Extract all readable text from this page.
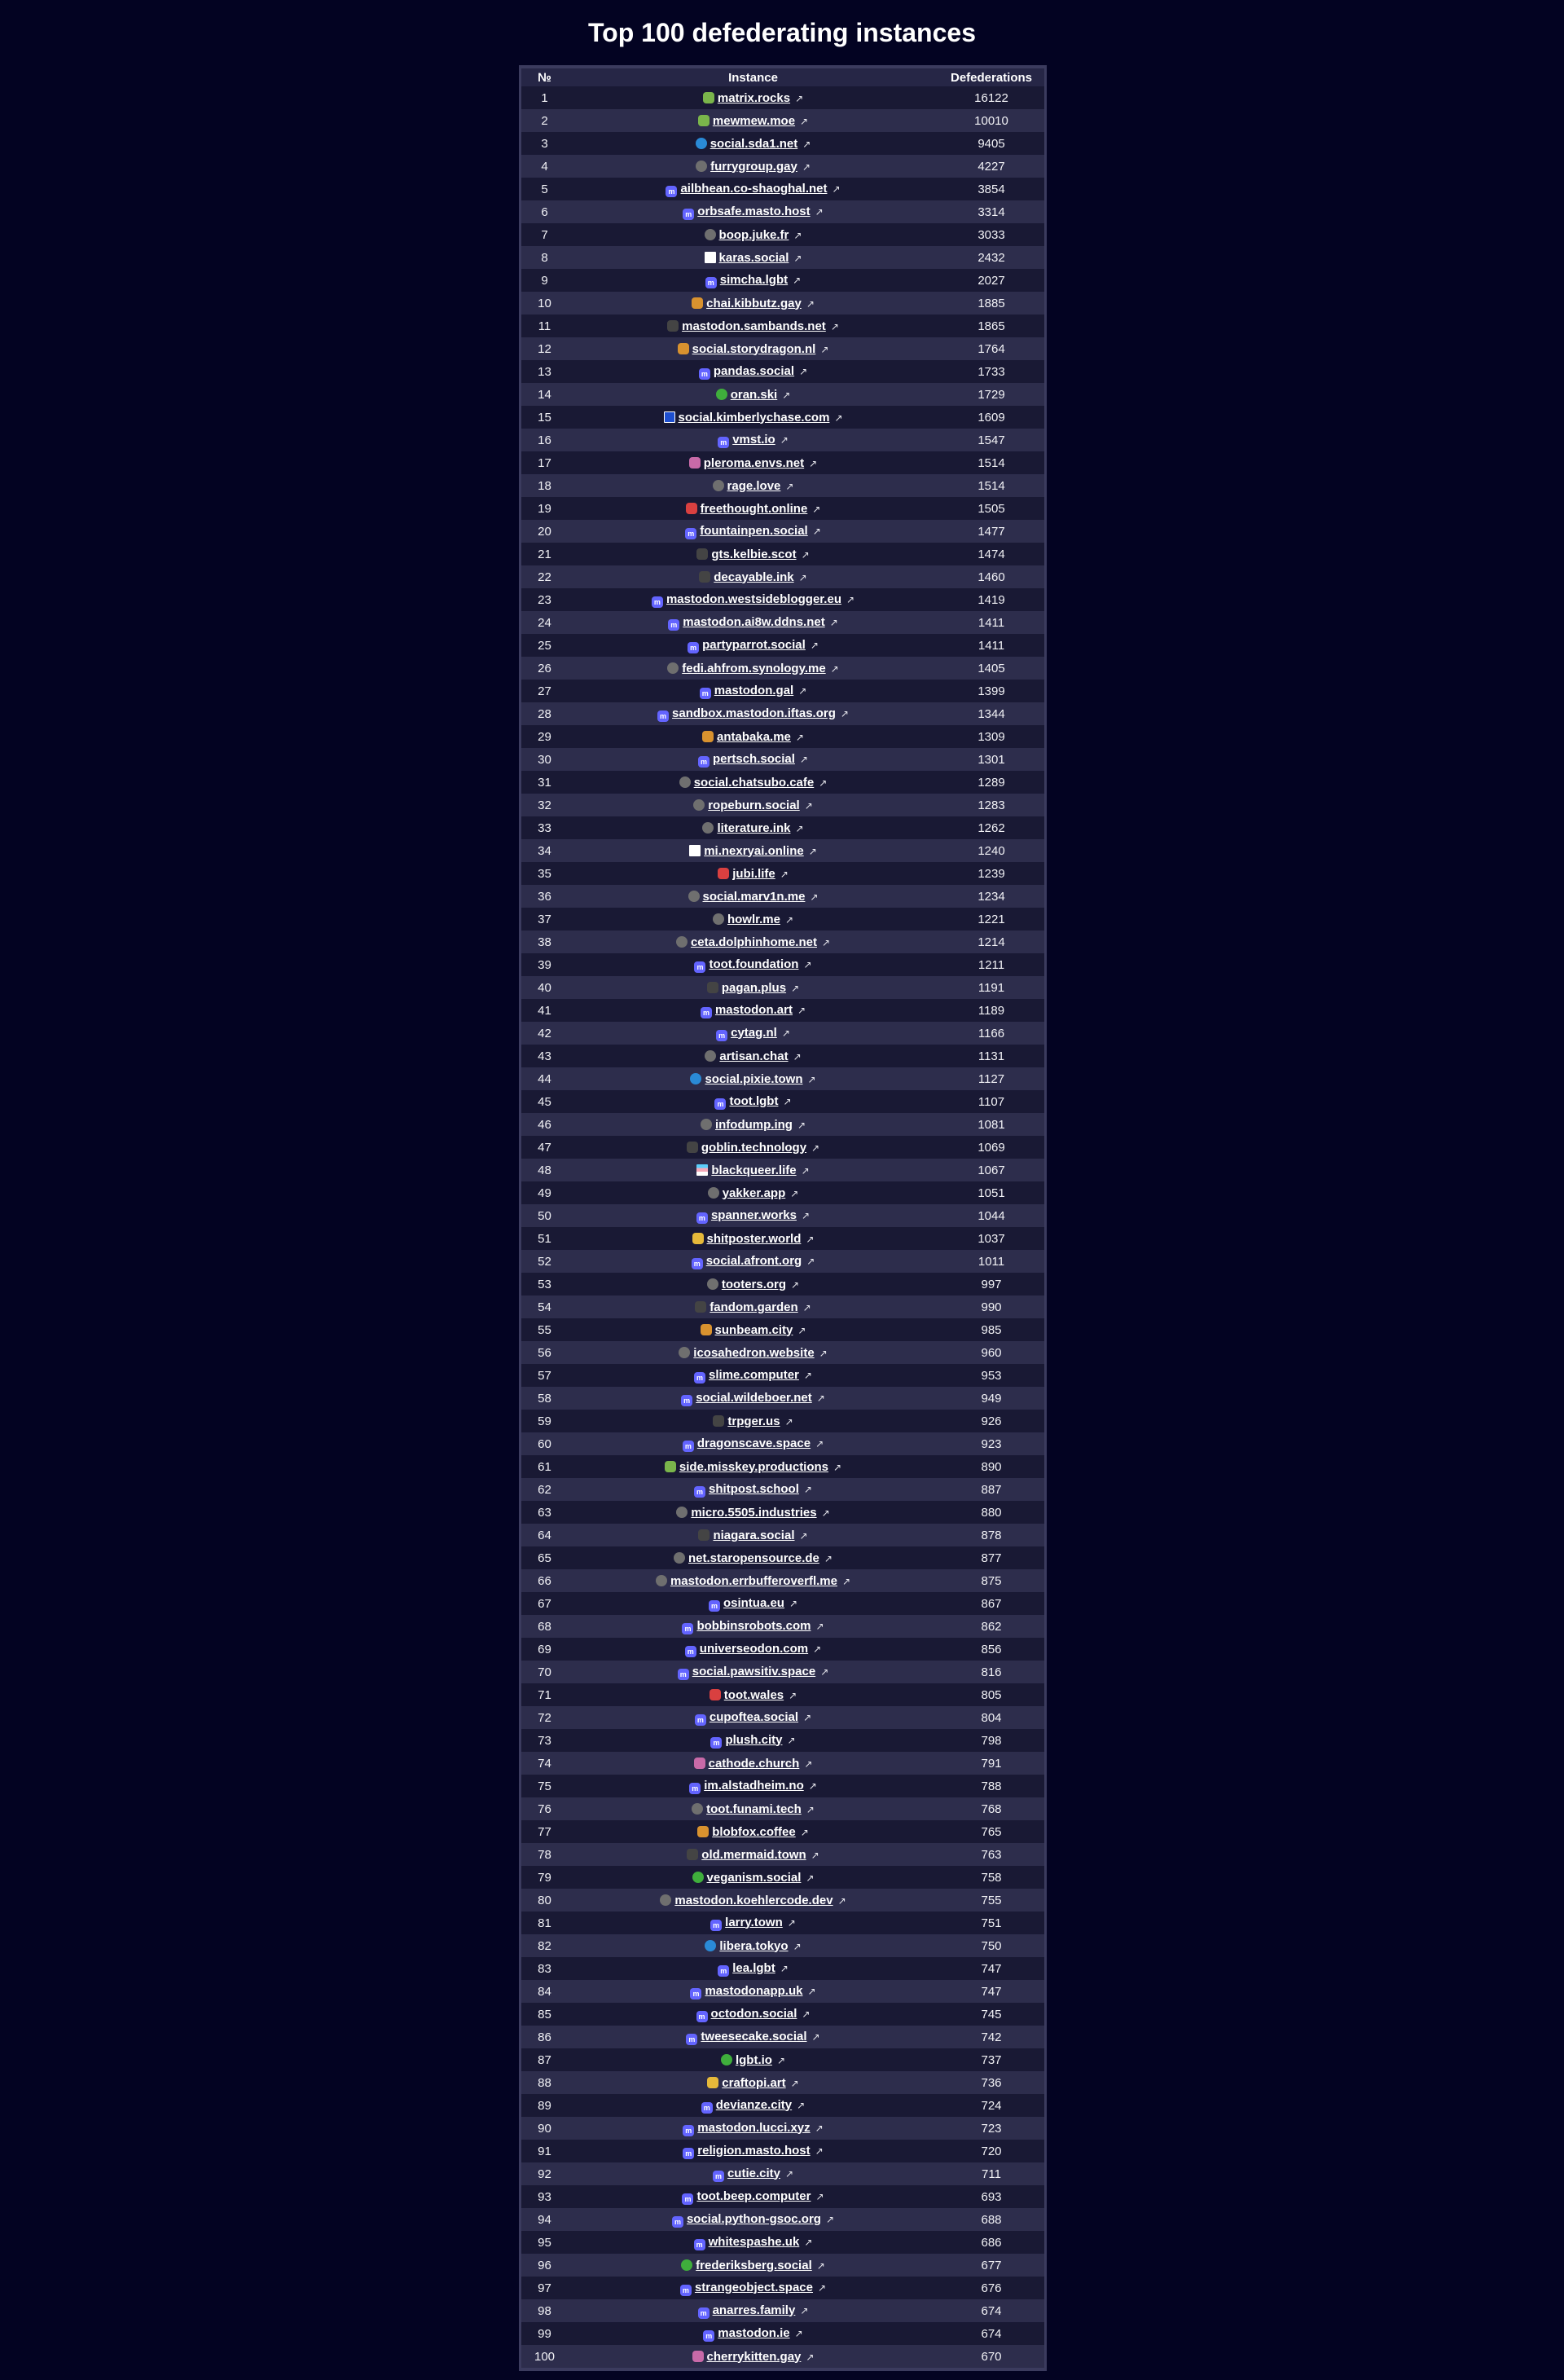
Top 100 defederating instances
№	Instance	Defederations
1	matrix.rocks ↗	16122
2	mewmew.moe ↗	10010
3	social.sda1.net ↗	9405
4	furrygroup.gay ↗	4227
5	m ailbhean.co-shaoghal.net ↗	3854
6	m orbsafe.masto.host ↗	3314
7	boop.juke.fr ↗	3033
8	karas.social ↗	2432
9	m simcha.lgbt ↗	2027
10	chai.kibbutz.gay ↗	1885
11	mastodon.sambands.net ↗	1865
12	social.storydragon.nl ↗	1764
13	m pandas.social ↗	1733
14	oran.ski ↗	1729
15	social.kimberlychase.com ↗	1609
16	m vmst.io ↗	1547
17	pleroma.envs.net ↗	1514
18	rage.love ↗	1514
19	freethought.online ↗	1505
20	m fountainpen.social ↗	1477
21	gts.kelbie.scot ↗	1474
22	decayable.ink ↗	1460
23	m mastodon.westsideblogger.eu ↗	1419
24	m mastodon.ai8w.ddns.net ↗	1411
25	m partyparrot.social ↗	1411
26	fedi.ahfrom.synology.me ↗	1405
27	m mastodon.gal ↗	1399
28	m sandbox.mastodon.iftas.org ↗	1344
29	antabaka.me ↗	1309
30	m pertsch.social ↗	1301
31	social.chatsubo.cafe ↗	1289
32	ropeburn.social ↗	1283
33	literature.ink ↗	1262
34	mi.nexryai.online ↗	1240
35	jubi.life ↗	1239
36	social.marv1n.me ↗	1234
37	howlr.me ↗	1221
38	ceta.dolphinhome.net ↗	1214
39	m toot.foundation ↗	1211
40	pagan.plus ↗	1191
41	m mastodon.art ↗	1189
42	m cytag.nl ↗	1166
43	artisan.chat ↗	1131
44	social.pixie.town ↗	1127
45	m toot.lgbt ↗	1107
46	infodump.ing ↗	1081
47	goblin.technology ↗	1069
48	blackqueer.life ↗	1067
49	yakker.app ↗	1051
50	m spanner.works ↗	1044
51	shitposter.world ↗	1037
52	m social.afront.org ↗	1011
53	tooters.org ↗	997
54	fandom.garden ↗	990
55	sunbeam.city ↗	985
56	icosahedron.website ↗	960
57	m slime.computer ↗	953
58	m social.wildeboer.net ↗	949
59	trpger.us ↗	926
60	m dragonscave.space ↗	923
61	side.misskey.productions ↗	890
62	m shitpost.school ↗	887
63	micro.5505.industries ↗	880
64	niagara.social ↗	878
65	net.staropensource.de ↗	877
66	mastodon.errbufferoverfl.me ↗	875
67	m osintua.eu ↗	867
68	m bobbinsrobots.com ↗	862
69	m universeodon.com ↗	856
70	m social.pawsitiv.space ↗	816
71	toot.wales ↗	805
72	m cupoftea.social ↗	804
73	m plush.city ↗	798
74	cathode.church ↗	791
75	m im.alstadheim.no ↗	788
76	toot.funami.tech ↗	768
77	blobfox.coffee ↗	765
78	old.mermaid.town ↗	763
79	veganism.social ↗	758
80	mastodon.koehlercode.dev ↗	755
81	m larry.town ↗	751
82	libera.tokyo ↗	750
83	m lea.lgbt ↗	747
84	m mastodonapp.uk ↗	747
85	m octodon.social ↗	745
86	m tweesecake.social ↗	742
87	lgbt.io ↗	737
88	craftopi.art ↗	736
89	m devianze.city ↗	724
90	m mastodon.lucci.xyz ↗	723
91	m religion.masto.host ↗	720
92	m cutie.city ↗	711
93	m toot.beep.computer ↗	693
94	m social.python-gsoc.org ↗	688
95	m whitespashe.uk ↗	686
96	frederiksberg.social ↗	677
97	m strangeobject.space ↗	676
98	m anarres.family ↗	674
99	m mastodon.ie ↗	674
100	cherrykitten.gay ↗	670
